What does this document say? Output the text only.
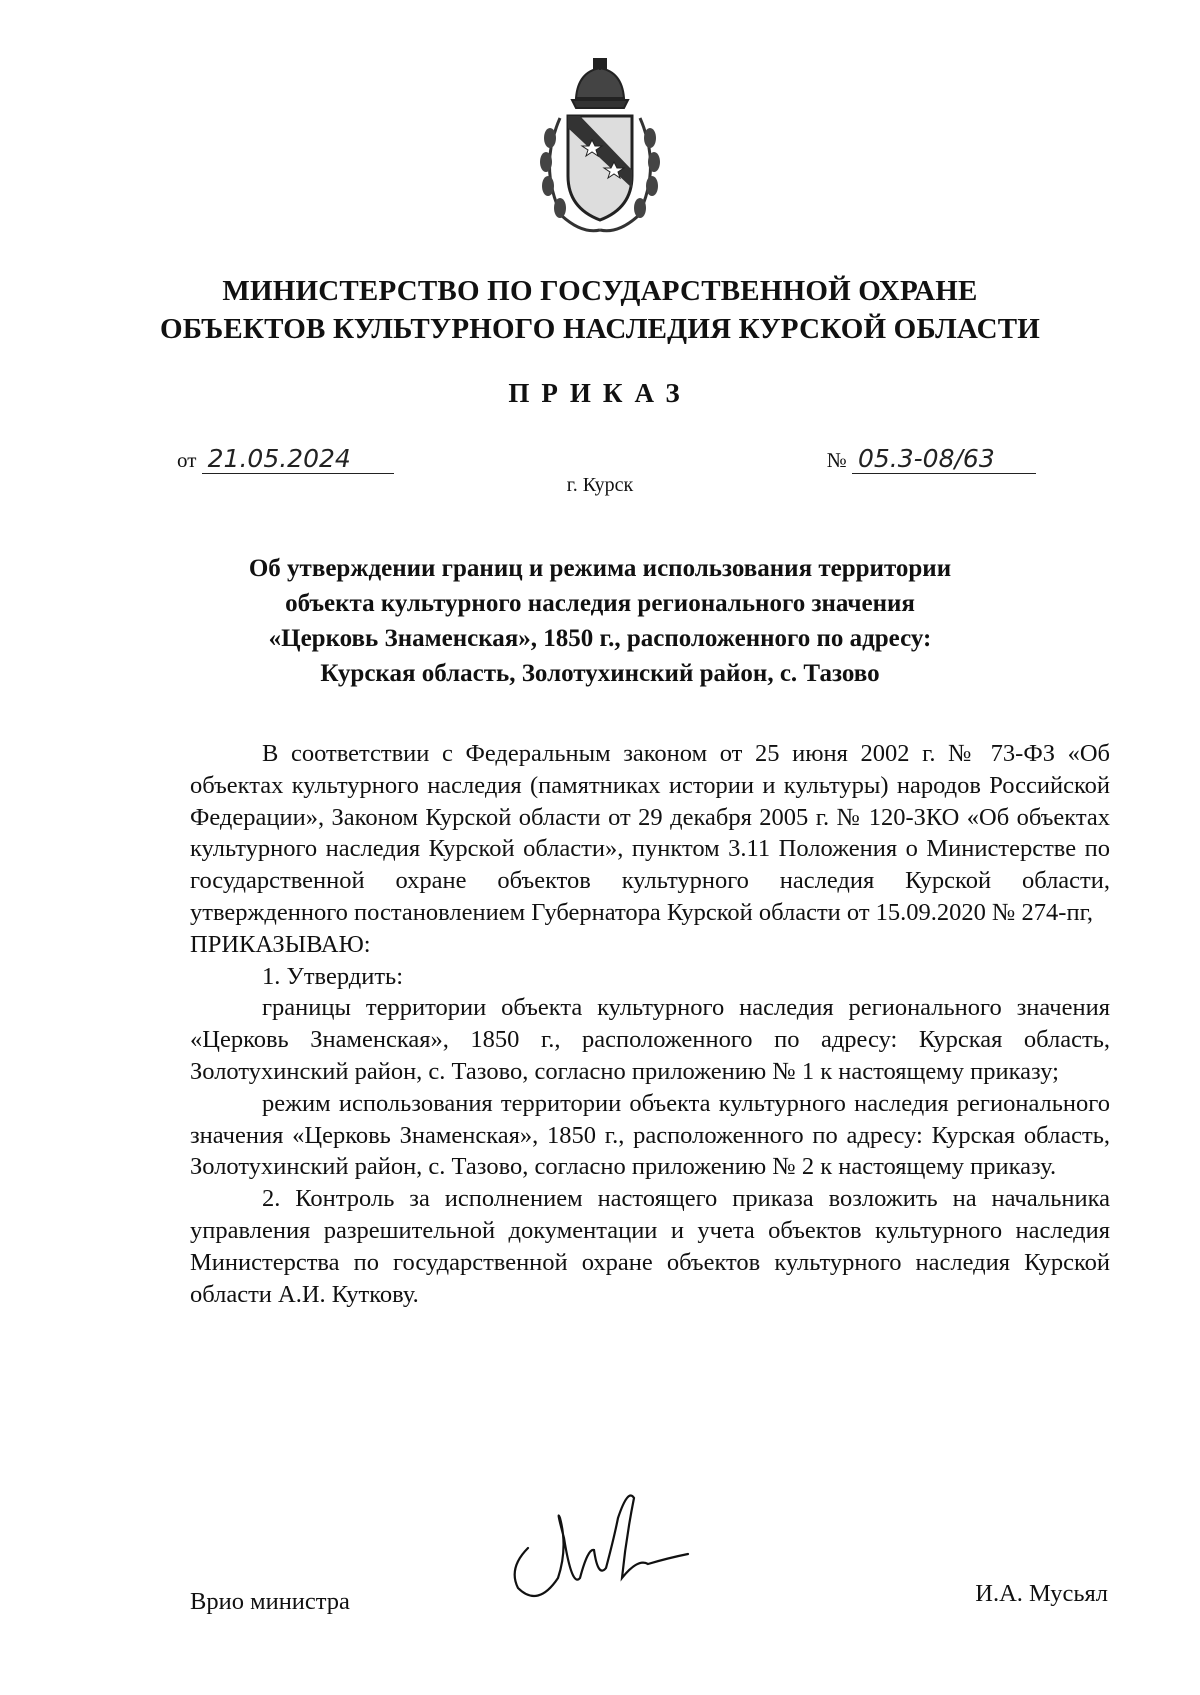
МИНИСТЕРСТВО ПО ГОСУДАРСТВЕННОЙ ОХРАНЕ
ОБЪЕКТОВ КУЛЬТУРНОГО НАСЛЕДИЯ КУРСКОЙ ОБЛАСТИ
ПРИКАЗ
от 21.05.2024	№ 05.3-08/63
г. Курск
Об утверждении границ и режима использования территории
объекта культурного наследия регионального значения
«Церковь Знаменская», 1850 г., расположенного по адресу:
Курская область, Золотухинский район, с. Тазово

В соответствии с Федеральным законом от 25 июня 2002 г. № 73-ФЗ «Об объектах культурного наследия (памятниках истории и культуры) народов Российской Федерации», Законом Курской области от 29 декабря 2005 г. № 120-ЗКО «Об объектах культурного наследия Курской области», пунктом 3.11 Положения о Министерстве по государственной охране объектов культурного наследия Курской области, утвержденного постановлением Губернатора Курской области от 15.09.2020 № 274-пг,

ПРИКАЗЫВАЮ:

1. Утвердить:

границы территории объекта культурного наследия регионального значения «Церковь Знаменская», 1850 г., расположенного по адресу: Курская область, Золотухинский район, с. Тазово, согласно приложению № 1 к настоящему приказу;

режим использования территории объекта культурного наследия регионального значения «Церковь Знаменская», 1850 г., расположенного по адресу: Курская область, Золотухинский район, с. Тазово, согласно приложению № 2 к настоящему приказу.

2. Контроль за исполнением настоящего приказа возложить на начальника управления разрешительной документации и учета объектов культурного наследия Министерства по государственной охране объектов культурного наследия Курской области А.И. Куткову.

Врио министра	И.А. Мусьял
